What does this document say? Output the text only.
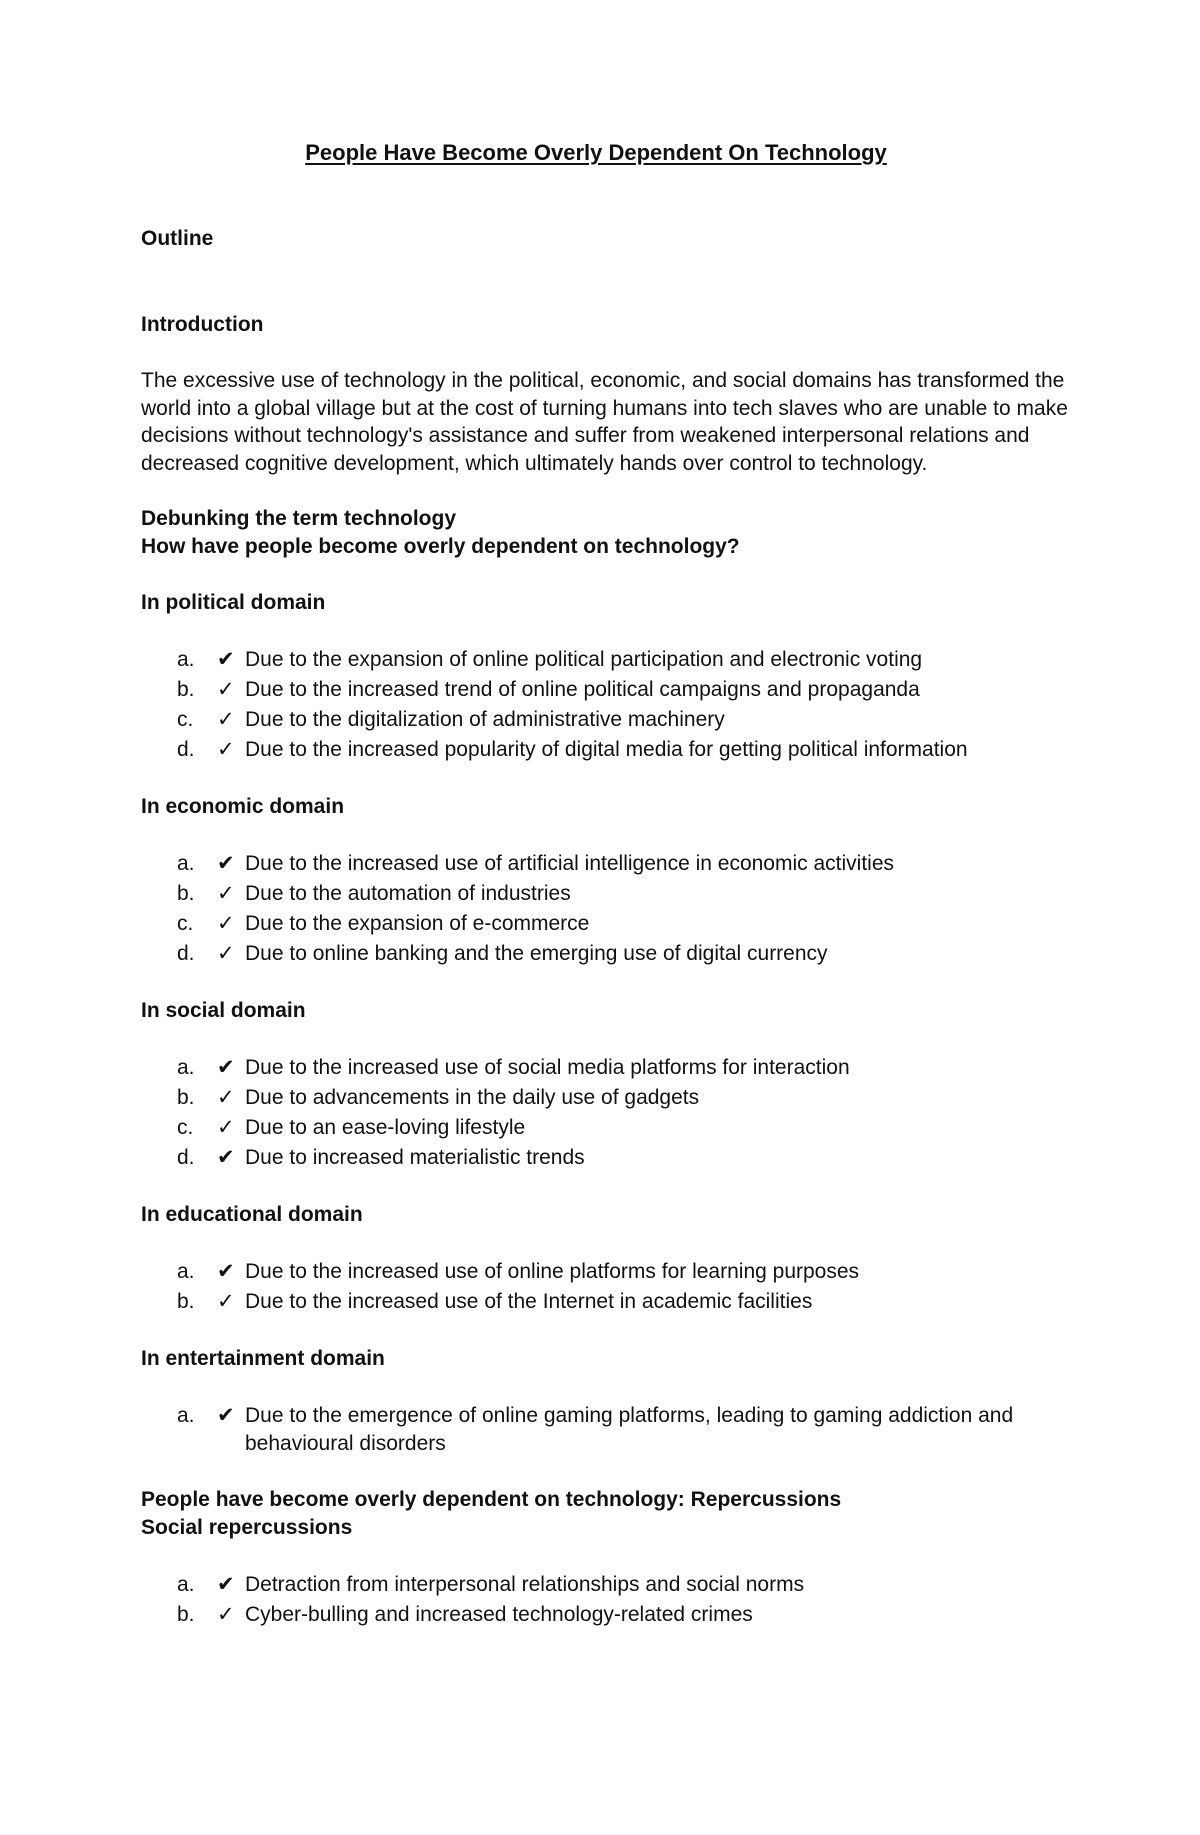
People Have Become Overly Dependent On Technology
Outline
Introduction

The excessive use of technology in the political, economic, and social domains has transformed the world into a global village but at the cost of turning humans into tech slaves who are unable to make decisions without technology's assistance and suffer from weakened interpersonal relations and decreased cognitive development, which ultimately hands over control to technology.

Debunking the term technology
How have people become overly dependent on technology?
In political domain
a.	✔ Due to the expansion of online political participation and electronic voting
b.	✓ Due to the increased trend of online political campaigns and propaganda
c.	✓ Due to the digitalization of administrative machinery
d.	✓ Due to the increased popularity of digital media for getting political information
In economic domain
a.	✔ Due to the increased use of artificial intelligence in economic activities
b.	✓ Due to the automation of industries
c.	✓ Due to the expansion of e-commerce
d.	✓ Due to online banking and the emerging use of digital currency
In social domain
a.	✔ Due to the increased use of social media platforms for interaction
b.	✓ Due to advancements in the daily use of gadgets
c.	✓ Due to an ease-loving lifestyle
d.	✔ Due to increased materialistic trends
In educational domain
a.	✔ Due to the increased use of online platforms for learning purposes
b.	✓ Due to the increased use of the Internet in academic facilities
In entertainment domain
a.	✔ Due to the emergence of online gaming platforms, leading to gaming addiction and behavioural disorders
People have become overly dependent on technology: Repercussions
Social repercussions
a.	✔ Detraction from interpersonal relationships and social norms
b.	✓ Cyber-bulling and increased technology-related crimes
